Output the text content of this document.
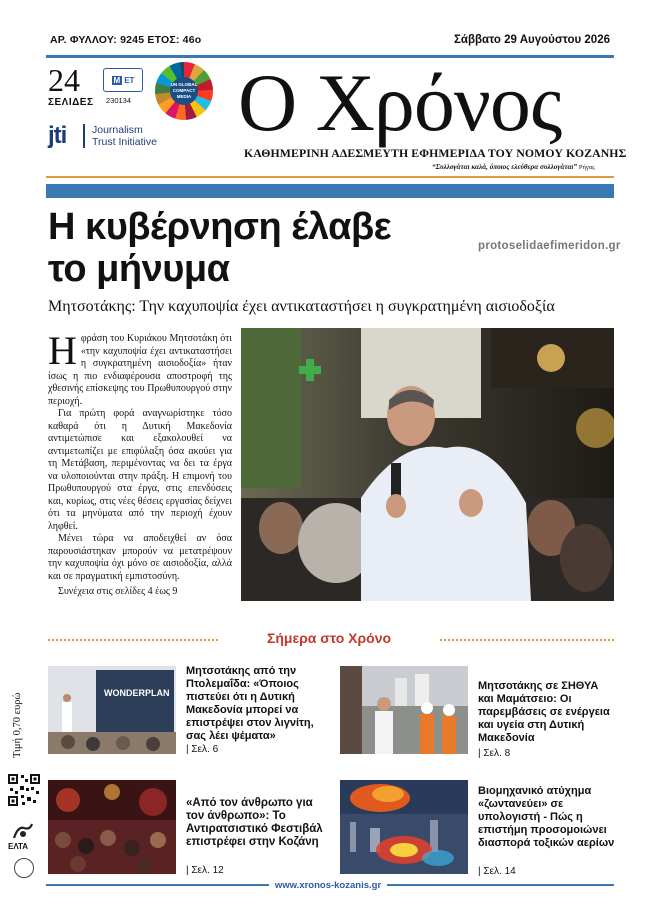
ΑΡ. ΦΥΛΛΟΥ: 9245 ΕΤΟΣ: 46ο	Σάββατο 29 Αυγούστου 2026
24
ΣΕΛΙΔΕΣ
M ET
230134
UN GLOBAL COMPACT MEDIA
jti Journalism
Trust Initiative Ο Χρόνος
ΚΑΘΗΜΕΡΙΝΗ ΑΔΕΣΜΕΥΤΗ ΕΦΗΜΕΡΙΔΑ ΤΟΥ ΝΟΜΟΥ ΚΟΖΑΝΗΣ
“Συλλογάται καλά, όποιος ελεύθερα συλλογάται” Ρήγας
Η κυβέρνηση έλαβε
το μήνυμα
protoselidaefimeridon.gr
Μητσοτάκης: Την καχυποψία έχει αντικαταστήσει η συγκρατημένη αισιοδοξία

Ηφράση του Κυριάκου Μητσοτάκη ότι «την καχυποψία έχει αντικαταστήσει η συγκρατημένη αισιοδοξία» ήταν ίσως η πιο ενδιαφέρουσα αποστροφή της χθεσινής επίσκεψης του Πρωθυπουργού στην περιοχή.

Για πρώτη φορά αναγνωρίστηκε τόσο καθαρά ότι η Δυτική Μακεδονία αντιμετώπισε και εξακολουθεί να αντιμετωπίζει με επιφύλαξη όσα ακούει για τη Μετάβαση, περιμένοντας να δει τα έργα να υλοποιούνται στην πράξη. Η επιμονή του Πρωθυπουργού στα έργα, στις επενδύσεις και, κυρίως, στις νέες θέσεις εργασίας δείχνει ότι τα μηνύματα από την περιοχή έχουν ληφθεί.

Μένει τώρα να αποδειχθεί αν όσα παρουσιάστηκαν μπορούν να μετατρέψουν την καχυποψία όχι μόνο σε αισιοδοξία, αλλά και σε πραγματική εμπιστοσύνη.

Συνέχεια στις σελίδες 4 έως 9
Σήμερα στο Χρόνο
WONDERPLAN
Μητσοτάκης από την Πτολεμαΐδα: «Όποιος πιστεύει ότι η Δυτική Μακεδονία μπορεί να επιστρέψει στον λιγνίτη, σας λέει ψέματα»
| Σελ. 6
Μητσοτάκης σε ΣΗΘΥΑ και Μαμάτσειο: Οι παρεμβάσεις σε ενέργεια και υγεία στη Δυτική Μακεδονία
| Σελ. 8
«Από τον άνθρωπο για τον άνθρωπο»: Το Αντιρατσιστικό Φεστιβάλ επιστρέφει στην Κοζάνη
| Σελ. 12
Βιομηχανικό ατύχημα «ζωντανεύει» σε υπολογιστή - Πώς η επιστήμη προσομοιώνει διασπορά τοξικών αερίων
| Σελ. 14
Τιμή 0,70 ευρώ
ΕΛΤΑ
www.xronos-kozanis.gr
